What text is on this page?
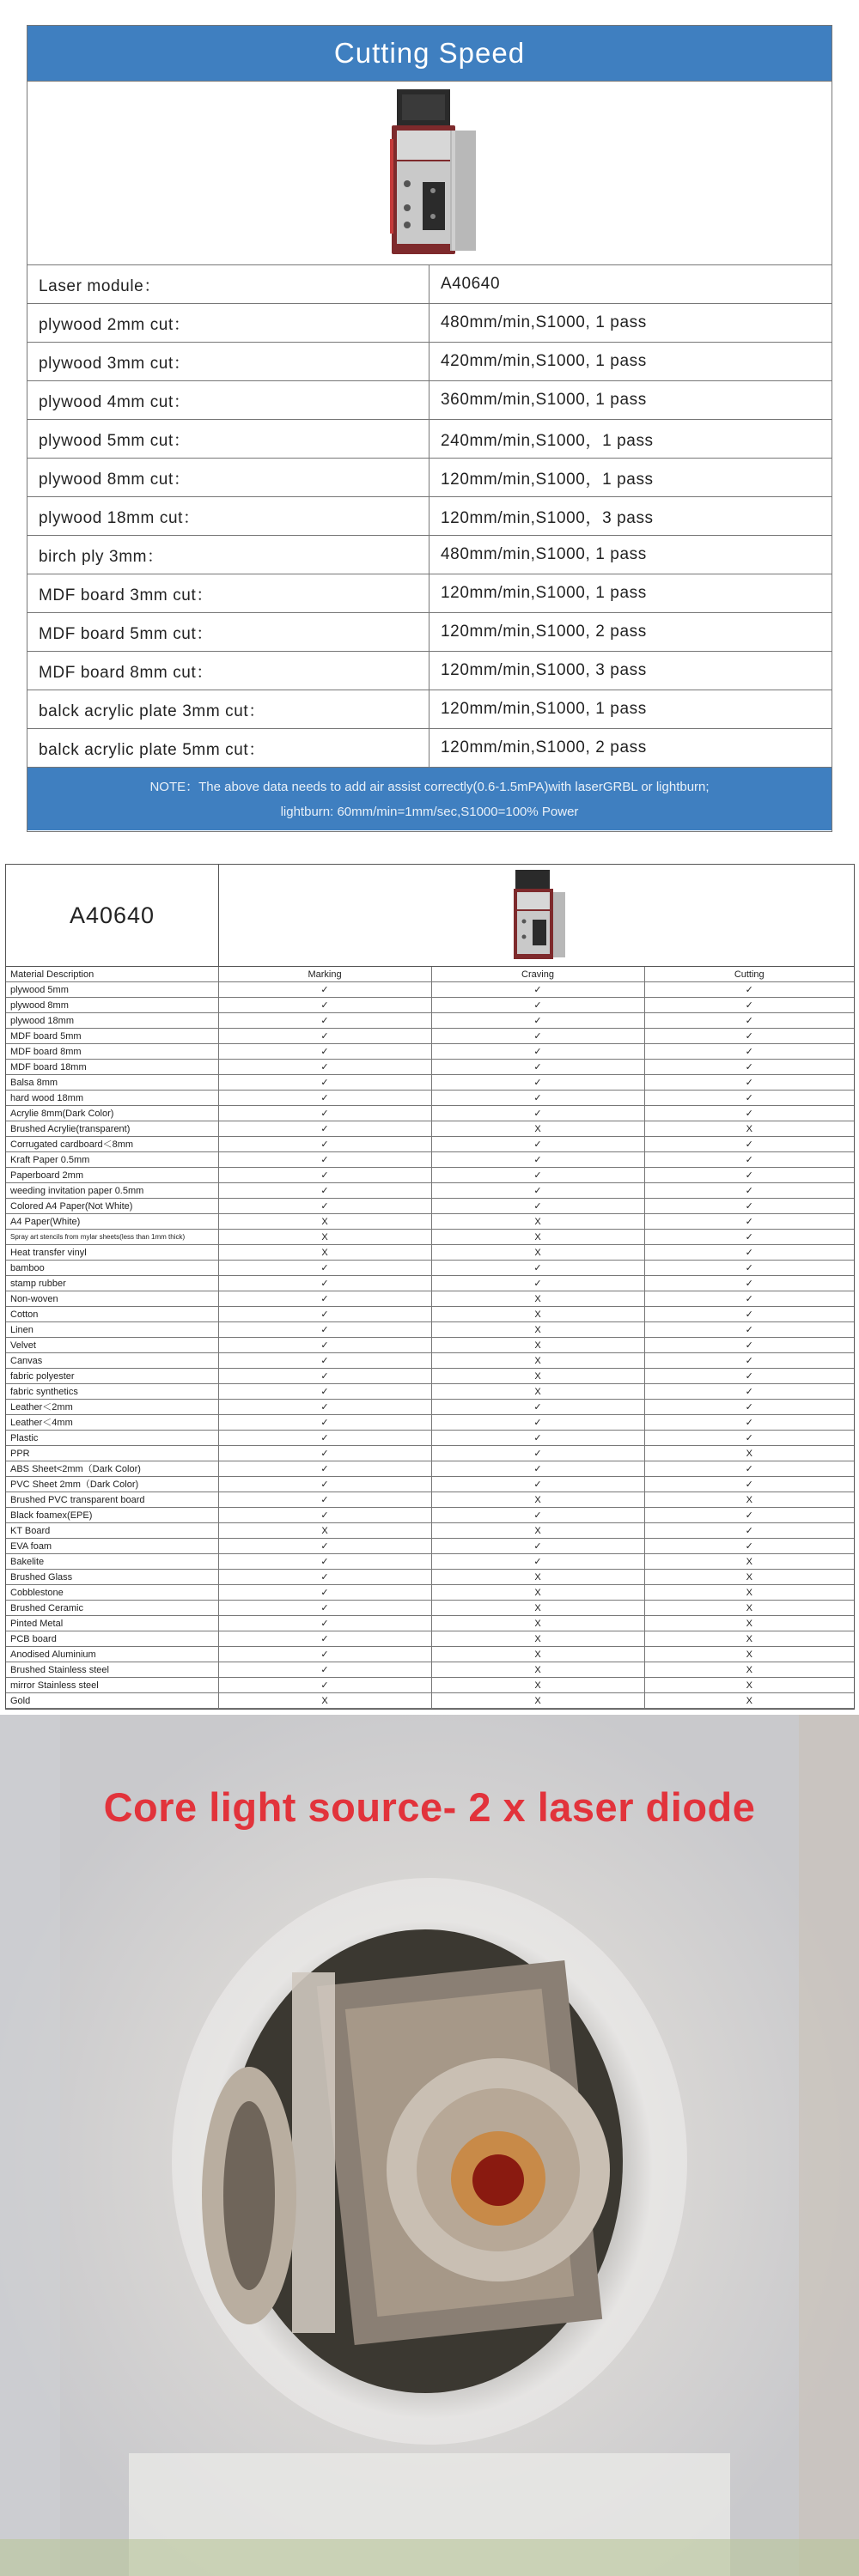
Cutting Speed
Laser module：	A40640
plywood 2mm cut：	480mm/min,S1000, 1 pass
plywood 3mm cut：	420mm/min,S1000, 1 pass
plywood 4mm cut：	360mm/min,S1000, 1 pass
plywood 5mm cut：	240mm/min,S1000，1 pass
plywood 8mm cut：	120mm/min,S1000，1 pass
plywood 18mm cut：	120mm/min,S1000，3 pass
birch ply 3mm：	480mm/min,S1000, 1 pass
MDF board 3mm cut：	120mm/min,S1000, 1 pass
MDF board 5mm cut：	120mm/min,S1000, 2 pass
MDF board 8mm cut：	120mm/min,S1000, 3 pass
balck acrylic plate 3mm cut：	120mm/min,S1000, 1 pass
balck acrylic plate 5mm cut：	120mm/min,S1000, 2 pass
NOTE：The above data needs to add air assist correctly(0.6-1.5mPA)with laserGRBL or lightburn;
lightburn: 60mm/min=1mm/sec,S1000=100% Power
A40640
Material Description	Marking	Craving	Cutting
plywood 5mm	✓	✓	✓
plywood 8mm	✓	✓	✓
plywood 18mm	✓	✓	✓
MDF board 5mm	✓	✓	✓
MDF board 8mm	✓	✓	✓
MDF board 18mm	✓	✓	✓
Balsa 8mm	✓	✓	✓
hard wood 18mm	✓	✓	✓
Acrylie 8mm(Dark Color)	✓	✓	✓
Brushed Acrylie(transparent)	✓	X	X
Corrugated cardboard＜8mm	✓	✓	✓
Kraft Paper 0.5mm	✓	✓	✓
Paperboard 2mm	✓	✓	✓
weeding invitation paper 0.5mm	✓	✓	✓
Colored A4 Paper(Not White)	✓	✓	✓
A4 Paper(White)	X	X	✓
Spray art stencils from mylar sheets(less than 1mm thick)	X	X	✓
Heat transfer vinyl	X	X	✓
bamboo	✓	✓	✓
stamp rubber	✓	✓	✓
Non-woven	✓	X	✓
Cotton	✓	X	✓
Linen	✓	X	✓
Velvet	✓	X	✓
Canvas	✓	X	✓
fabric polyester	✓	X	✓
fabric synthetics	✓	X	✓
Leather＜2mm	✓	✓	✓
Leather＜4mm	✓	✓	✓
Plastic	✓	✓	✓
PPR	✓	✓	X
ABS Sheet<2mm（Dark Color)	✓	✓	✓
PVC Sheet 2mm（Dark Color)	✓	✓	✓
Brushed PVC transparent board	✓	X	X
Black foamex(EPE)	✓	✓	✓
KT Board	X	X	✓
EVA foam	✓	✓	✓
Bakelite	✓	✓	X
Brushed Glass	✓	X	X
Cobblestone	✓	X	X
Brushed Ceramic	✓	X	X
Pinted Metal	✓	X	X
PCB board	✓	X	X
Anodised Aluminium	✓	X	X
Brushed Stainless steel	✓	X	X
mirror Stainless steel	✓	X	X
Gold	X	X	X
Core light source- 2 x laser diode
